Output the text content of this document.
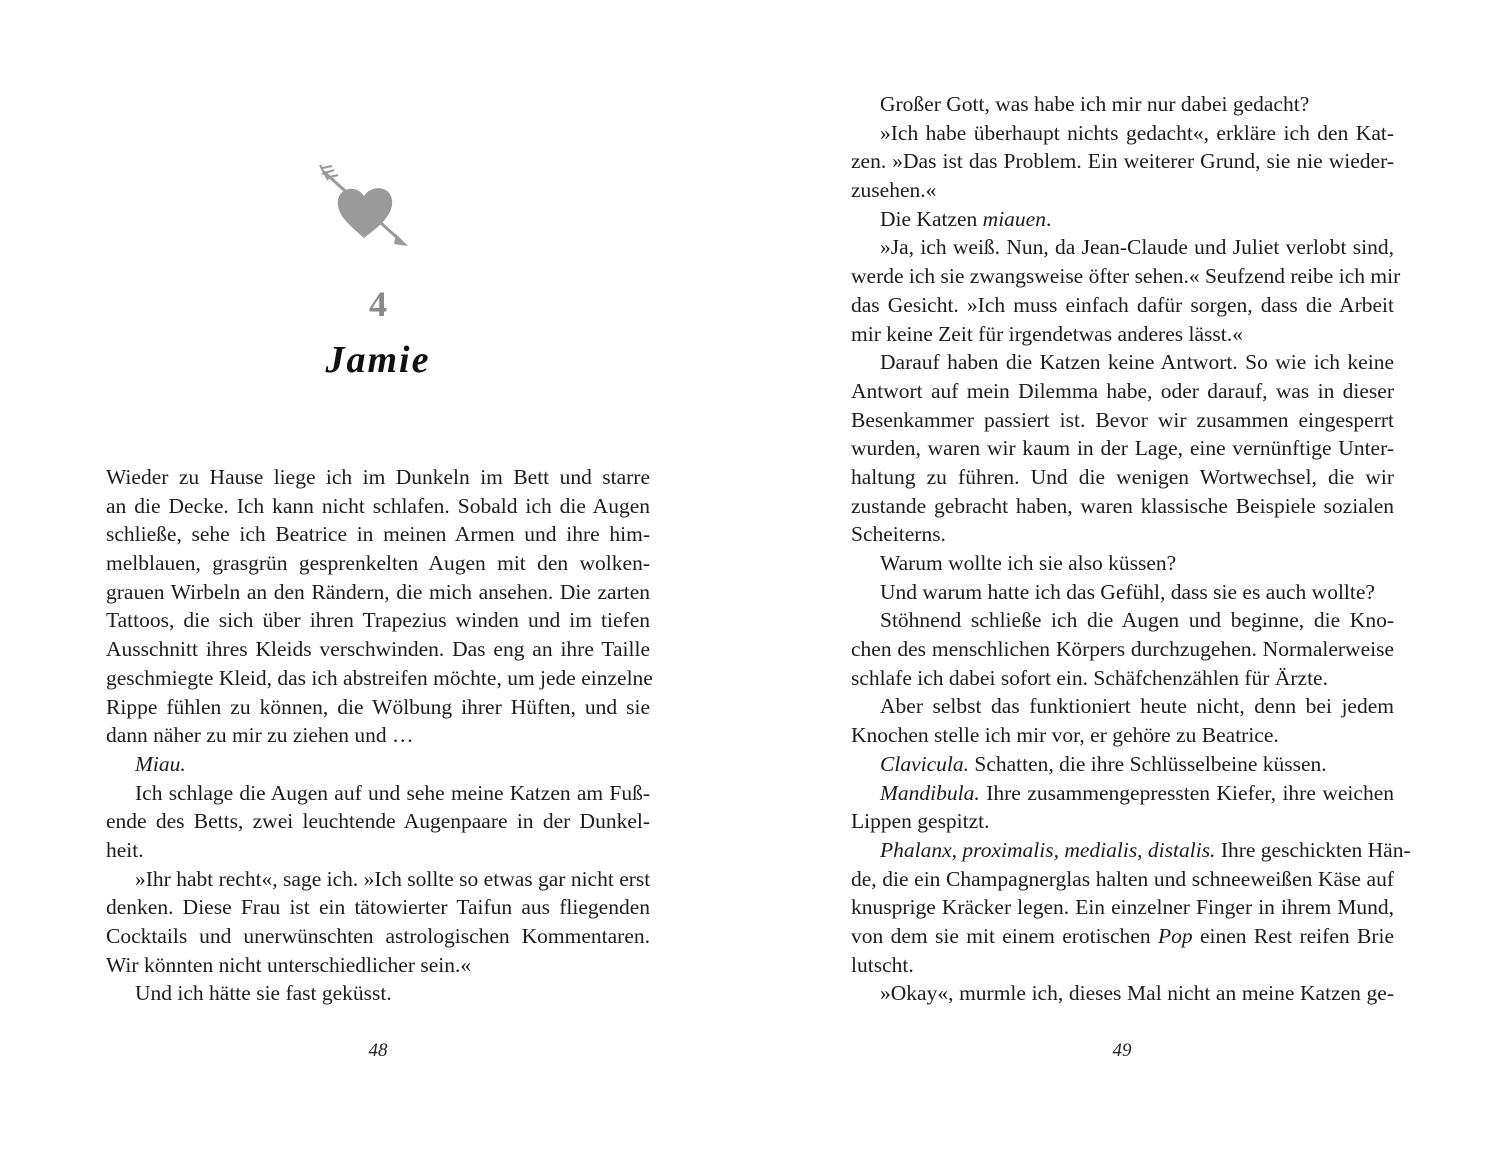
4
Jamie
Wieder zu Hause liege ich im Dunkeln im Bett und starre
an die Decke. Ich kann nicht schlafen. Sobald ich die Augen
schließe, sehe ich Beatrice in meinen Armen und ihre him-
melblauen, grasgrün gesprenkelten Augen mit den wolken-
grauen Wirbeln an den Rändern, die mich ansehen. Die zarten
Tattoos, die sich über ihren Trapezius winden und im tiefen
Ausschnitt ihres Kleids verschwinden. Das eng an ihre Taille
geschmiegte Kleid, das ich abstreifen möchte, um jede einzelne
Rippe fühlen zu können, die Wölbung ihrer Hüften, und sie
dann näher zu mir zu ziehen und …
Miau.
Ich schlage die Augen auf und sehe meine Katzen am Fuß-
ende des Betts, zwei leuchtende Augenpaare in der Dunkel-
heit.
»Ihr habt recht«, sage ich. »Ich sollte so etwas gar nicht erst
denken. Diese Frau ist ein tätowierter Taifun aus fliegenden
Cocktails und unerwünschten astrologischen Kommentaren.
Wir könnten nicht unterschiedlicher sein.«
Und ich hätte sie fast geküsst.
48
Großer Gott, was habe ich mir nur dabei gedacht?
»Ich habe überhaupt nichts gedacht«, erkläre ich den Kat-
zen. »Das ist das Problem. Ein weiterer Grund, sie nie wieder-
zusehen.«
Die Katzen miauen.
»Ja, ich weiß. Nun, da Jean-Claude und Juliet verlobt sind,
werde ich sie zwangsweise öfter sehen.« Seufzend reibe ich mir
das Gesicht. »Ich muss einfach dafür sorgen, dass die Arbeit
mir keine Zeit für irgendetwas anderes lässt.«
Darauf haben die Katzen keine Antwort. So wie ich keine
Antwort auf mein Dilemma habe, oder darauf, was in dieser
Besenkammer passiert ist. Bevor wir zusammen eingesperrt
wurden, waren wir kaum in der Lage, eine vernünftige Unter-
haltung zu führen. Und die wenigen Wortwechsel, die wir
zustande gebracht haben, waren klassische Beispiele sozialen
Scheiterns.
Warum wollte ich sie also küssen?
Und warum hatte ich das Gefühl, dass sie es auch wollte?
Stöhnend schließe ich die Augen und beginne, die Kno-
chen des menschlichen Körpers durchzugehen. Normalerweise
schlafe ich dabei sofort ein. Schäfchenzählen für Ärzte.
Aber selbst das funktioniert heute nicht, denn bei jedem
Knochen stelle ich mir vor, er gehöre zu Beatrice.
Clavicula. Schatten, die ihre Schlüsselbeine küssen.
Mandibula. Ihre zusammengepressten Kiefer, ihre weichen
Lippen gespitzt.
Phalanx, proximalis, medialis, distalis. Ihre geschickten Hän-
de, die ein Champagnerglas halten und schneeweißen Käse auf
knusprige Kräcker legen. Ein einzelner Finger in ihrem Mund,
von dem sie mit einem erotischen Pop einen Rest reifen Brie
lutscht.
»Okay«, murmle ich, dieses Mal nicht an meine Katzen ge-
49
